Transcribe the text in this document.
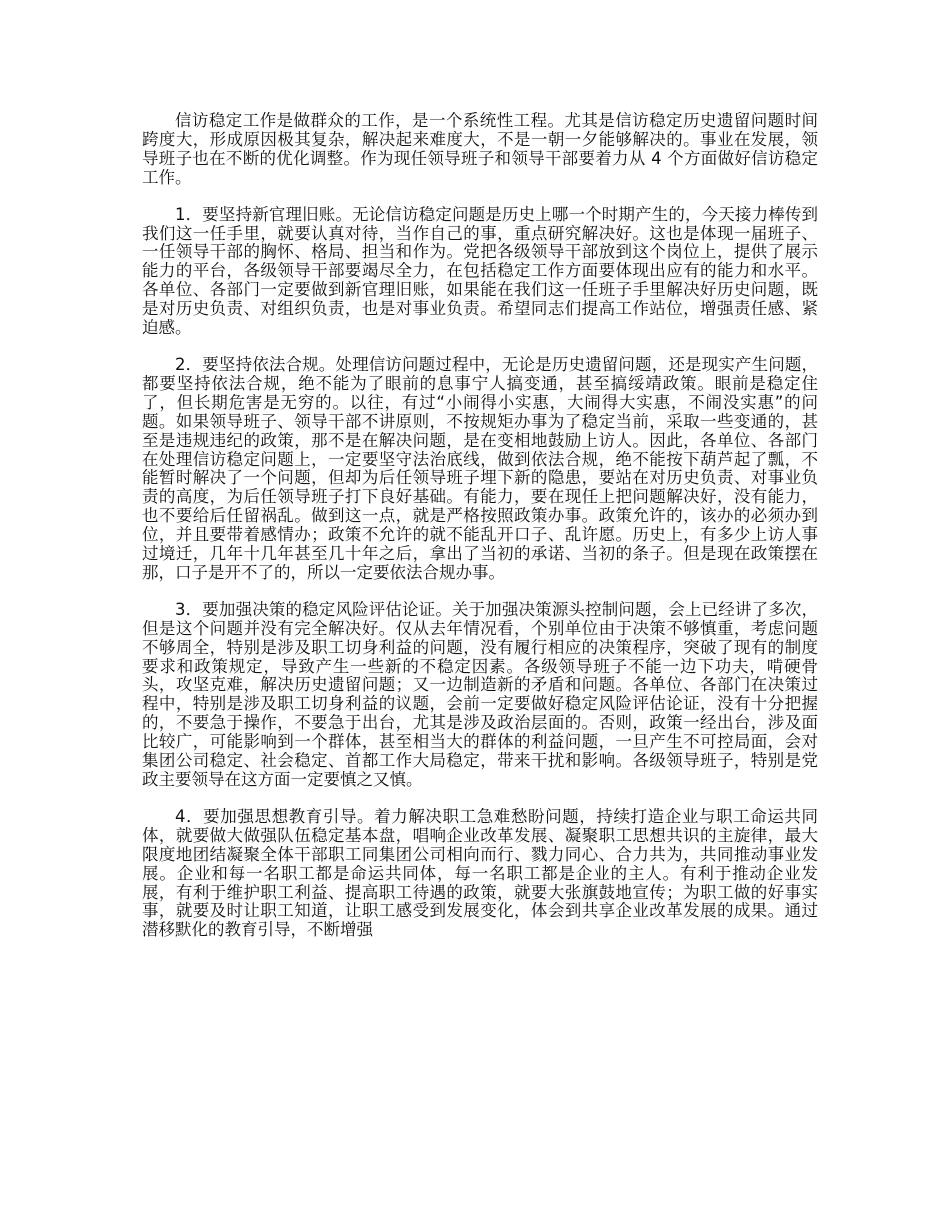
信访稳定工作是做群众的工作，是一个系统性工程。尤其是信访稳定历史遗留问题时间跨度大，形成原因极其复杂，解决起来难度大，不是一朝一夕能够解决的。事业在发展，领导班子也在不断的优化调整。作为现任领导班子和领导干部要着力从 4 个方面做好信访稳定工作。

1．要坚持新官理旧账。无论信访稳定问题是历史上哪一个时期产生的，今天接力棒传到我们这一任手里，就要认真对待，当作自己的事，重点研究解决好。这也是体现一届班子、一任领导干部的胸怀、格局、担当和作为。党把各级领导干部放到这个岗位上，提供了展示能力的平台，各级领导干部要竭尽全力，在包括稳定工作方面要体现出应有的能力和水平。各单位、各部门一定要做到新官理旧账，如果能在我们这一任班子手里解决好历史问题，既是对历史负责、对组织负责，也是对事业负责。希望同志们提高工作站位，增强责任感、紧迫感。

2．要坚持依法合规。处理信访问题过程中，无论是历史遗留问题，还是现实产生问题，都要坚持依法合规，绝不能为了眼前的息事宁人搞变通，甚至搞绥靖政策。眼前是稳定住了，但长期危害是无穷的。以往，有过“小闹得小实惠，大闹得大实惠，不闹没实惠”的问题。如果领导班子、领导干部不讲原则，不按规矩办事为了稳定当前，采取一些变通的，甚至是违规违纪的政策，那不是在解决问题，是在变相地鼓励上访人。因此，各单位、各部门在处理信访稳定问题上，一定要坚守法治底线，做到依法合规，绝不能按下葫芦起了瓢，不能暂时解决了一个问题，但却为后任领导班子埋下新的隐患，要站在对历史负责、对事业负责的高度，为后任领导班子打下良好基础。有能力，要在现任上把问题解决好，没有能力，也不要给后任留祸乱。做到这一点，就是严格按照政策办事。政策允许的，该办的必须办到位，并且要带着感情办；政策不允许的就不能乱开口子、乱许愿。历史上，有多少上访人事过境迁，几年十几年甚至几十年之后，拿出了当初的承诺、当初的条子。但是现在政策摆在那，口子是开不了的，所以一定要依法合规办事。

3．要加强决策的稳定风险评估论证。关于加强决策源头控制问题，会上已经讲了多次，但是这个问题并没有完全解决好。仅从去年情况看，个别单位由于决策不够慎重，考虑问题不够周全，特别是涉及职工切身利益的问题，没有履行相应的决策程序，突破了现有的制度要求和政策规定，导致产生一些新的不稳定因素。各级领导班子不能一边下功夫，啃硬骨头，攻坚克难，解决历史遗留问题；又一边制造新的矛盾和问题。各单位、各部门在决策过程中，特别是涉及职工切身利益的议题，会前一定要做好稳定风险评估论证，没有十分把握的，不要急于操作，不要急于出台，尤其是涉及政治层面的。否则，政策一经出台，涉及面比较广，可能影响到一个群体，甚至相当大的群体的利益问题，一旦产生不可控局面，会对集团公司稳定、社会稳定、首都工作大局稳定，带来干扰和影响。各级领导班子，特别是党政主要领导在这方面一定要慎之又慎。

4．要加强思想教育引导。着力解决职工急难愁盼问题，持续打造企业与职工命运共同体，就要做大做强队伍稳定基本盘，唱响企业改革发展、凝聚职工思想共识的主旋律，最大限度地团结凝聚全体干部职工同集团公司相向而行、戮力同心、合力共为，共同推动事业发展。企业和每一名职工都是命运共同体，每一名职工都是企业的主人。有利于推动企业发展，有利于维护职工利益、提高职工待遇的政策，就要大张旗鼓地宣传；为职工做的好事实事，就要及时让职工知道，让职工感受到发展变化，体会到共享企业改革发展的成果。通过潜移默化的教育引导，不断增强
